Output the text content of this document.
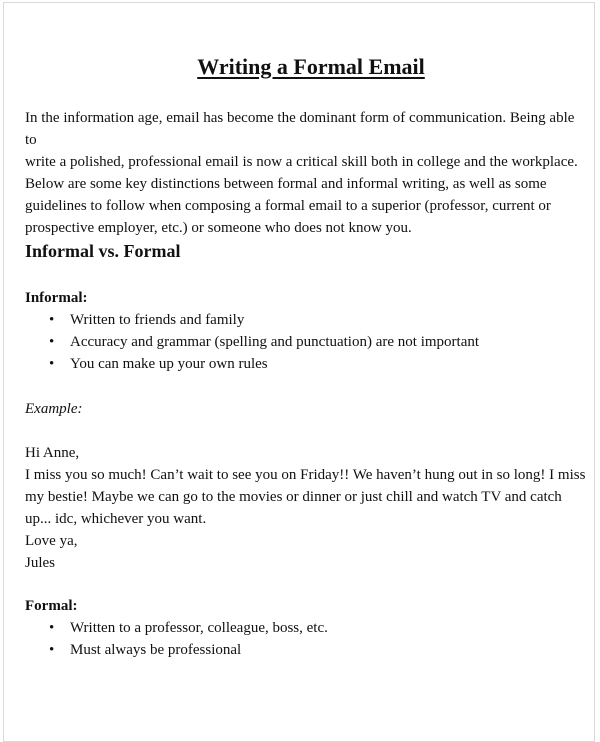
Writing a Formal Email
In the information age, email has become the dominant form of communication. Being able to
write a polished, professional email is now a critical skill both in college and the workplace.
Below are some key distinctions between formal and informal writing, as well as some
guidelines to follow when composing a formal email to a superior (professor, current or
prospective employer, etc.) or someone who does not know you.
Informal vs. Formal
Informal:
• Written to friends and family
• Accuracy and grammar (spelling and punctuation) are not important
• You can make up your own rules
Example:
Hi Anne,
I miss you so much! Can’t wait to see you on Friday!! We haven’t hung out in so long! I miss
my bestie! Maybe we can go to the movies or dinner or just chill and watch TV and catch
up... idc, whichever you want.
Love ya,
Jules
Formal:
• Written to a professor, colleague, boss, etc.
• Must always be professional
